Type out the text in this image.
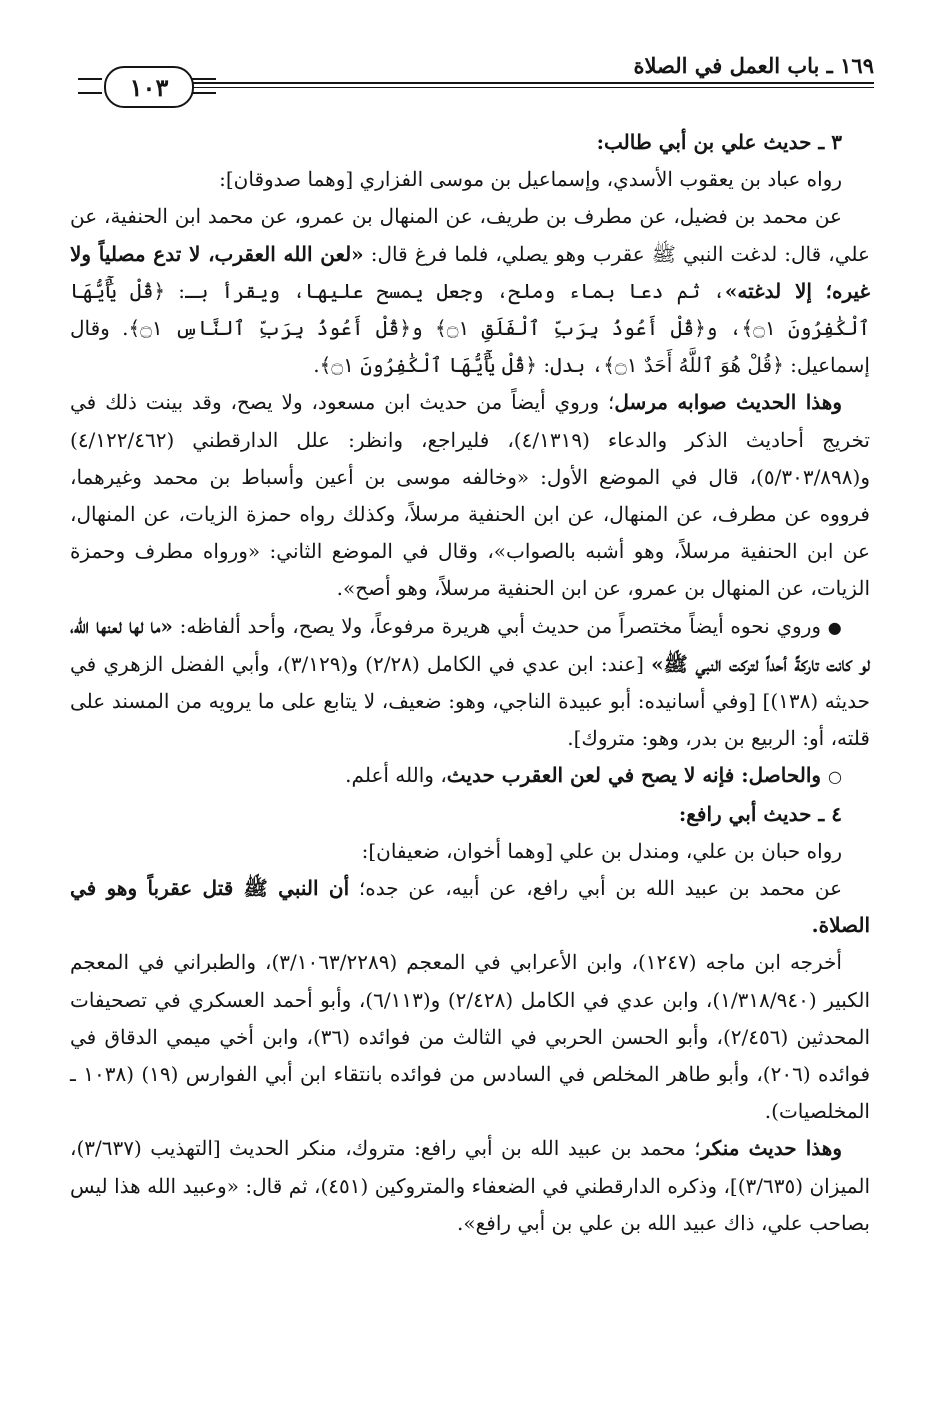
١٦٩ ـ باب العمل في الصلاة
١٠٣

٣ ـ حديث علي بن أبي طالب:

رواه عباد بن يعقوب الأسدي، وإسماعيل بن موسى الفزاري [وهما صدوقان]:

عن محمد بن فضيل، عن مطرف بن طريف، عن المنهال بن عمرو، عن محمد ابن الحنفية، عن علي، قال: لدغت النبي ﷺ عقرب وهو يصلي، فلما فرغ قال: «لعن الله العقرب، لا تدع مصلياً ولا غيره؛ إلا لدغته»، ثم دعا بماء وملح، وجعل يمسح عليها، ويقرأ بـ: ﴿قُلْ يَٰٓأَيُّهَا ٱلْكَٰفِرُونَ ۝١﴾، و﴿قُلْ أَعُوذُ بِرَبِّ ٱلْفَلَقِ ۝١﴾ و﴿قُلْ أَعُوذُ بِرَبِّ ٱلنَّاسِ ۝١﴾. وقال إسماعيل: ﴿قُلْ هُوَ ٱللَّهُ أَحَدٌ ۝١﴾، بدل: ﴿قُلْ يَٰٓأَيُّهَا ٱلْكَٰفِرُونَ ۝١﴾.

وهذا الحديث صوابه مرسل؛ وروي أيضاً من حديث ابن مسعود، ولا يصح، وقد بينت ذلك في تخريج أحاديث الذكر والدعاء (٤/١٣١٩)، فليراجع، وانظر: علل الدارقطني (٤/١٢٢/٤٦٢) و(٥/٣٠٣/٨٩٨)، قال في الموضع الأول: «وخالفه موسى بن أعين وأسباط بن محمد وغيرهما، فرووه عن مطرف، عن المنهال، عن ابن الحنفية مرسلاً، وكذلك رواه حمزة الزيات، عن المنهال، عن ابن الحنفية مرسلاً، وهو أشبه بالصواب»، وقال في الموضع الثاني: «ورواه مطرف وحمزة الزيات، عن المنهال بن عمرو، عن ابن الحنفية مرسلاً، وهو أصح».

● وروي نحوه أيضاً مختصراً من حديث أبي هريرة مرفوعاً، ولا يصح، وأحد ألفاظه: «ما لها لعنها الله، لو كانت تاركةً أحداً لتركت النبي ﷺ» [عند: ابن عدي في الكامل (٢/٢٨) و(٣/١٢٩)، وأبي الفضل الزهري في حديثه (١٣٨)] [وفي أسانيده: أبو عبيدة الناجي، وهو: ضعيف، لا يتابع على ما يرويه من المسند على قلته، أو: الربيع بن بدر، وهو: متروك].

○ والحاصل: فإنه لا يصح في لعن العقرب حديث، والله أعلم.

٤ ـ حديث أبي رافع:

رواه حبان بن علي، ومندل بن علي [وهما أخوان، ضعيفان]:

عن محمد بن عبيد الله بن أبي رافع، عن أبيه، عن جده؛ أن النبي ﷺ قتل عقرباً وهو في الصلاة.

أخرجه ابن ماجه (١٢٤٧)، وابن الأعرابي في المعجم (٣/١٠٦٣/٢٢٨٩)، والطبراني في المعجم الكبير (١/٣١٨/٩٤٠)، وابن عدي في الكامل (٢/٤٢٨) و(٦/١١٣)، وأبو أحمد العسكري في تصحيفات المحدثين (٢/٤٥٦)، وأبو الحسن الحربي في الثالث من فوائده (٣٦)، وابن أخي ميمي الدقاق في فوائده (٢٠٦)، وأبو طاهر المخلص في السادس من فوائده بانتقاء ابن أبي الفوارس (١٩) (١٠٣٨ ـ المخلصيات).

وهذا حديث منكر؛ محمد بن عبيد الله بن أبي رافع: متروك، منكر الحديث [التهذيب (٣/٦٣٧)، الميزان (٣/٦٣٥)]، وذكره الدارقطني في الضعفاء والمتروكين (٤٥١)، ثم قال: «وعبيد الله هذا ليس بصاحب علي، ذاك عبيد الله بن علي بن أبي رافع».
